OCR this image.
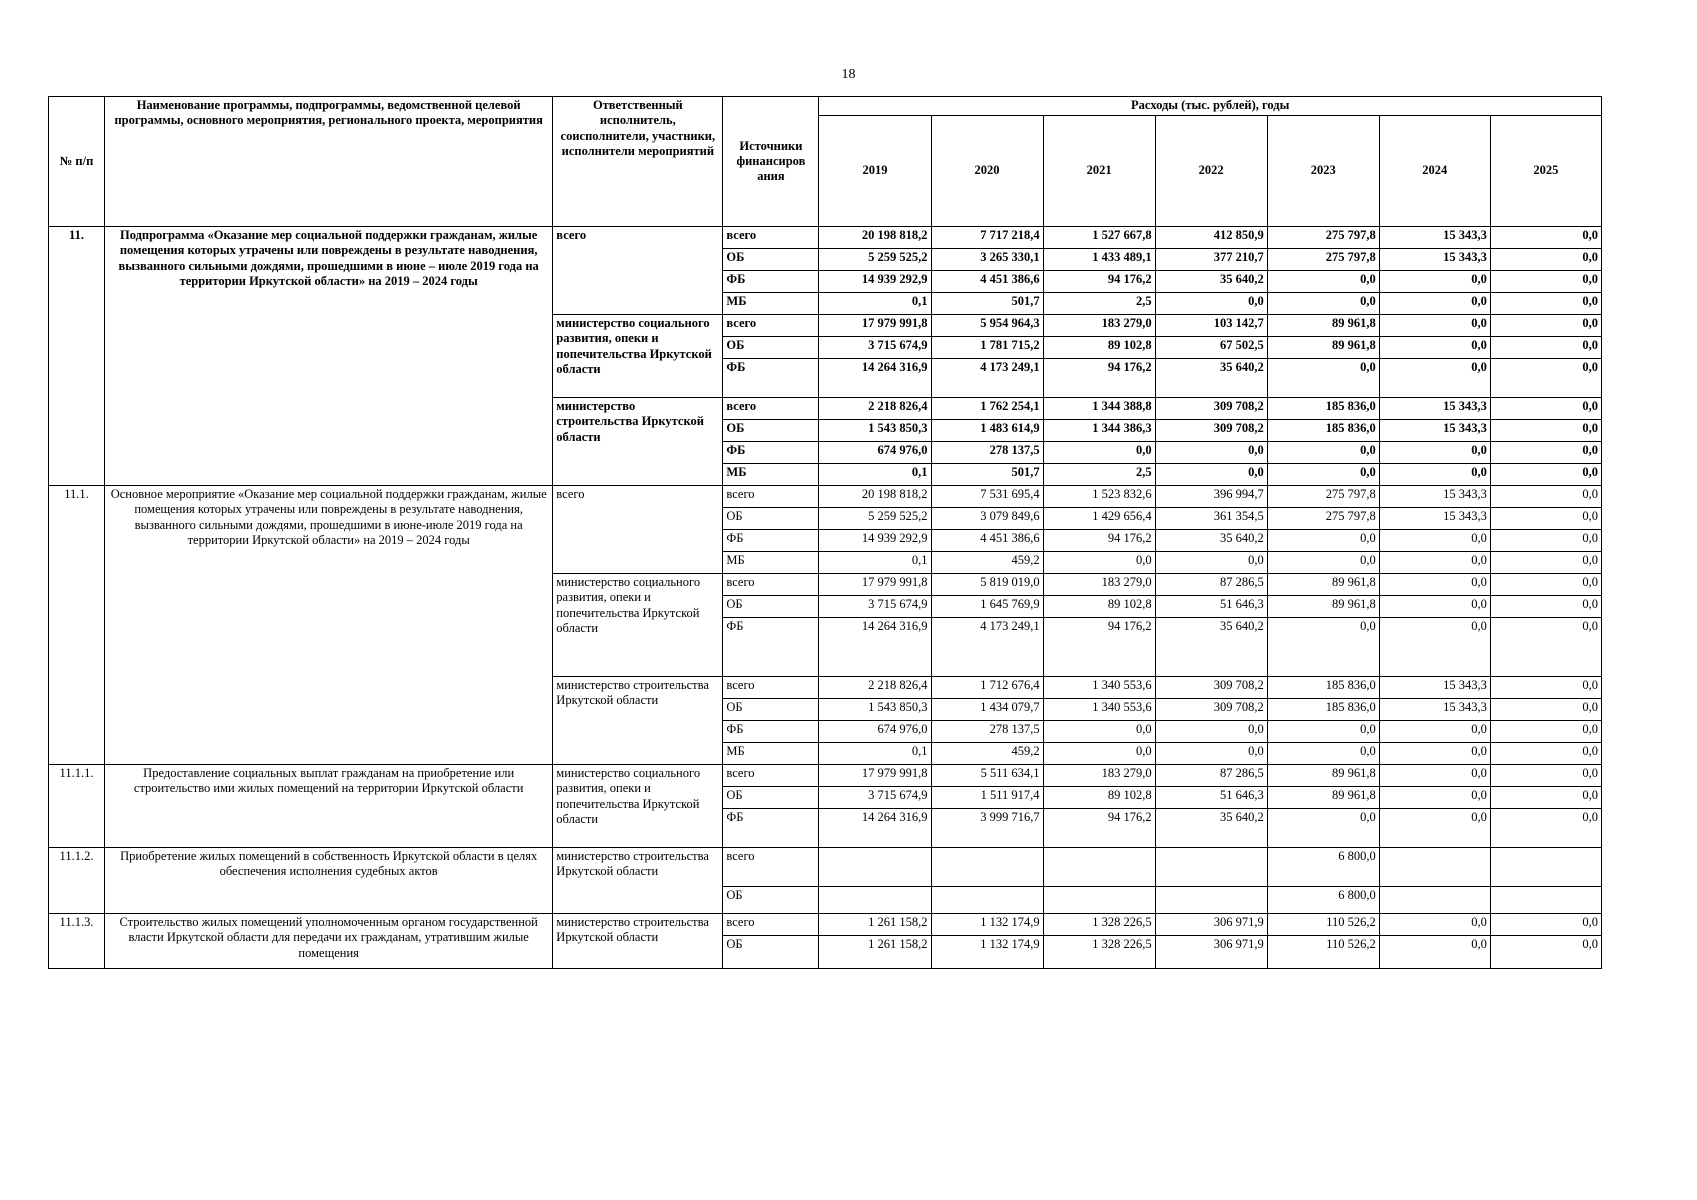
18
№ п/п	Наименование программы, подпрограммы, ведомственной целевой программы, основного мероприятия, регионального проекта, мероприятия	Ответственный исполнитель, соисполнители, участники, исполнители мероприятий	Источники финансиров ания	Расходы (тыс. рублей), годы						
				2019	2020	2021	2022	2023	2024	2025
11.	Подпрограмма «Оказание мер социальной поддержки гражданам, жилые помещения которых утрачены или повреждены в результате наводнения, вызванного сильными дождями, прошедшими в июне – июле 2019 года на территории Иркутской области» на 2019 – 2024 годы	всего	всего	20 198 818,2	7 717 218,4	1 527 667,8	412 850,9	275 797,8	15 343,3	0,0
			ОБ	5 259 525,2	3 265 330,1	1 433 489,1	377 210,7	275 797,8	15 343,3	0,0
			ФБ	14 939 292,9	4 451 386,6	94 176,2	35 640,2	0,0	0,0	0,0
			МБ	0,1	501,7	2,5	0,0	0,0	0,0	0,0
		министерство социального развития, опеки и попечительства Иркутской области	всего	17 979 991,8	5 954 964,3	183 279,0	103 142,7	89 961,8	0,0	0,0
			ОБ	3 715 674,9	1 781 715,2	89 102,8	67 502,5	89 961,8	0,0	0,0
			ФБ	14 264 316,9	4 173 249,1	94 176,2	35 640,2	0,0	0,0	0,0
		министерство строительства Иркутской области	всего	2 218 826,4	1 762 254,1	1 344 388,8	309 708,2	185 836,0	15 343,3	0,0
			ОБ	1 543 850,3	1 483 614,9	1 344 386,3	309 708,2	185 836,0	15 343,3	0,0
			ФБ	674 976,0	278 137,5	0,0	0,0	0,0	0,0	0,0
			МБ	0,1	501,7	2,5	0,0	0,0	0,0	0,0
11.1.	Основное мероприятие «Оказание мер социальной поддержки гражданам, жилые помещения которых утрачены или повреждены в результате наводнения, вызванного сильными дождями, прошедшими в июне-июле 2019 года на территории Иркутской области» на 2019 – 2024 годы	всего	всего	20 198 818,2	7 531 695,4	1 523 832,6	396 994,7	275 797,8	15 343,3	0,0
			ОБ	5 259 525,2	3 079 849,6	1 429 656,4	361 354,5	275 797,8	15 343,3	0,0
			ФБ	14 939 292,9	4 451 386,6	94 176,2	35 640,2	0,0	0,0	0,0
			МБ	0,1	459,2	0,0	0,0	0,0	0,0	0,0
		министерство социального развития, опеки и попечительства Иркутской области	всего	17 979 991,8	5 819 019,0	183 279,0	87 286,5	89 961,8	0,0	0,0
			ОБ	3 715 674,9	1 645 769,9	89 102,8	51 646,3	89 961,8	0,0	0,0
			ФБ	14 264 316,9	4 173 249,1	94 176,2	35 640,2	0,0	0,0	0,0
		министерство строительства Иркутской области	всего	2 218 826,4	1 712 676,4	1 340 553,6	309 708,2	185 836,0	15 343,3	0,0
			ОБ	1 543 850,3	1 434 079,7	1 340 553,6	309 708,2	185 836,0	15 343,3	0,0
			ФБ	674 976,0	278 137,5	0,0	0,0	0,0	0,0	0,0
			МБ	0,1	459,2	0,0	0,0	0,0	0,0	0,0
11.1.1.	Предоставление социальных выплат гражданам на приобретение или строительство ими жилых помещений на территории Иркутской области	министерство социального развития, опеки и попечительства Иркутской области	всего	17 979 991,8	5 511 634,1	183 279,0	87 286,5	89 961,8	0,0	0,0
			ОБ	3 715 674,9	1 511 917,4	89 102,8	51 646,3	89 961,8	0,0	0,0
			ФБ	14 264 316,9	3 999 716,7	94 176,2	35 640,2	0,0	0,0	0,0
11.1.2.	Приобретение жилых помещений в собственность Иркутской области в целях обеспечения исполнения судебных актов	министерство строительства Иркутской области	всего					6 800,0		
			ОБ					6 800,0		
11.1.3.	Строительство жилых помещений уполномоченным органом государственной власти Иркутской области для передачи их гражданам, утратившим жилые помещения	министерство строительства Иркутской области	всего	1 261 158,2	1 132 174,9	1 328 226,5	306 971,9	110 526,2	0,0	0,0
			ОБ	1 261 158,2	1 132 174,9	1 328 226,5	306 971,9	110 526,2	0,0	0,0
